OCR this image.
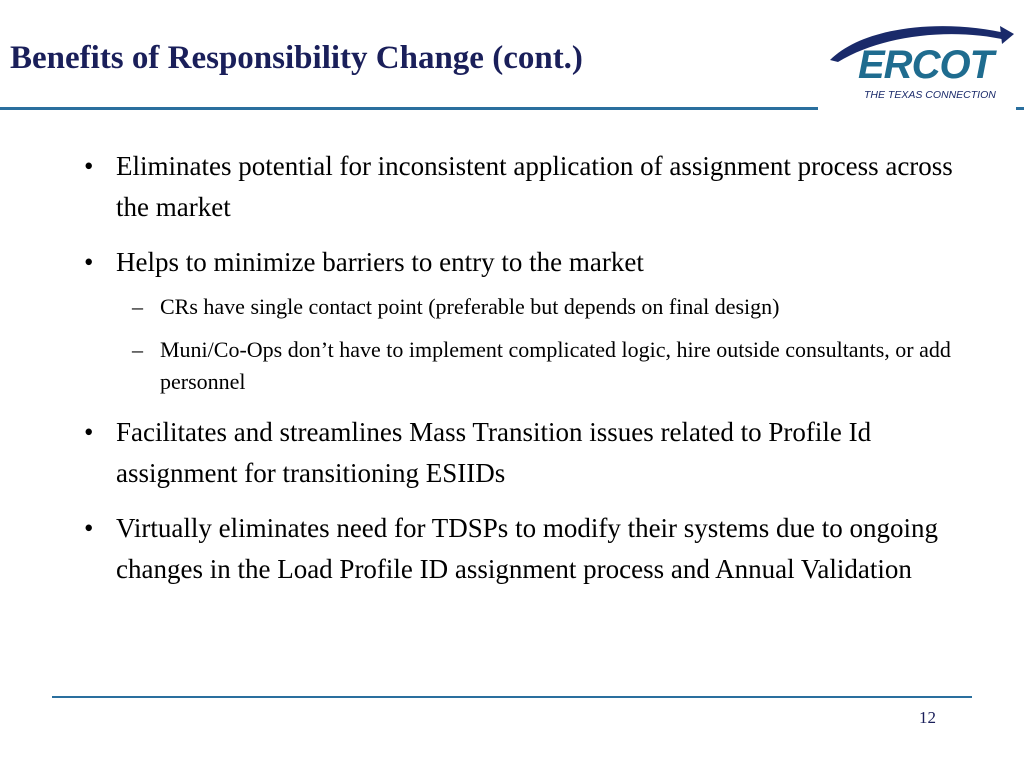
Benefits of Responsibility Change (cont.)	ERCOT
THE TEXAS CONNECTION
• Eliminates potential for inconsistent application of assignment process across the market
• Helps to minimize barriers to entry to the market
– CRs have single contact point (preferable but depends on final design)
– Muni/Co-Ops don’t have to implement complicated logic, hire outside consultants, or add personnel
• Facilitates and streamlines Mass Transition issues related to Profile Id assignment for transitioning ESIIDs
• Virtually eliminates need for TDSPs to modify their systems due to ongoing changes in the Load Profile ID assignment process and Annual Validation
12
